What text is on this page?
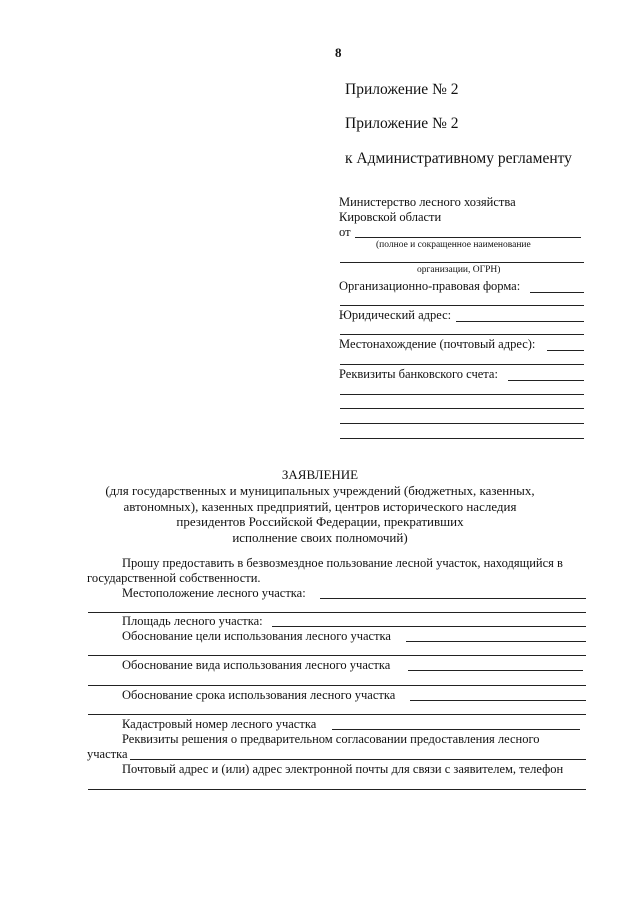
8
Приложение № 2
Приложение № 2
к Административному регламенту
Министерство лесного хозяйства
Кировской области
от
(полное и сокращенное наименование
организации, ОГРН)
Организационно-правовая форма:
Юридический адрес:
Местонахождение (почтовый адрес):
Реквизиты банковского счета:
ЗАЯВЛЕНИЕ
(для государственных и муниципальных учреждений (бюджетных, казенных,
автономных), казенных предприятий, центров исторического наследия
президентов Российской Федерации, прекративших
исполнение своих полномочий)
Прошу предоставить в безвозмездное пользование лесной участок, находящийся в
государственной собственности.
Местоположение лесного участка:
Площадь лесного участка:
Обоснование цели использования лесного участка
Обоснование вида использования лесного участка
Обоснование срока использования лесного участка
Кадастровый номер лесного участка
Реквизиты решения о предварительном согласовании предоставления лесного
участка
Почтовый адрес и (или) адрес электронной почты для связи с заявителем, телефон
